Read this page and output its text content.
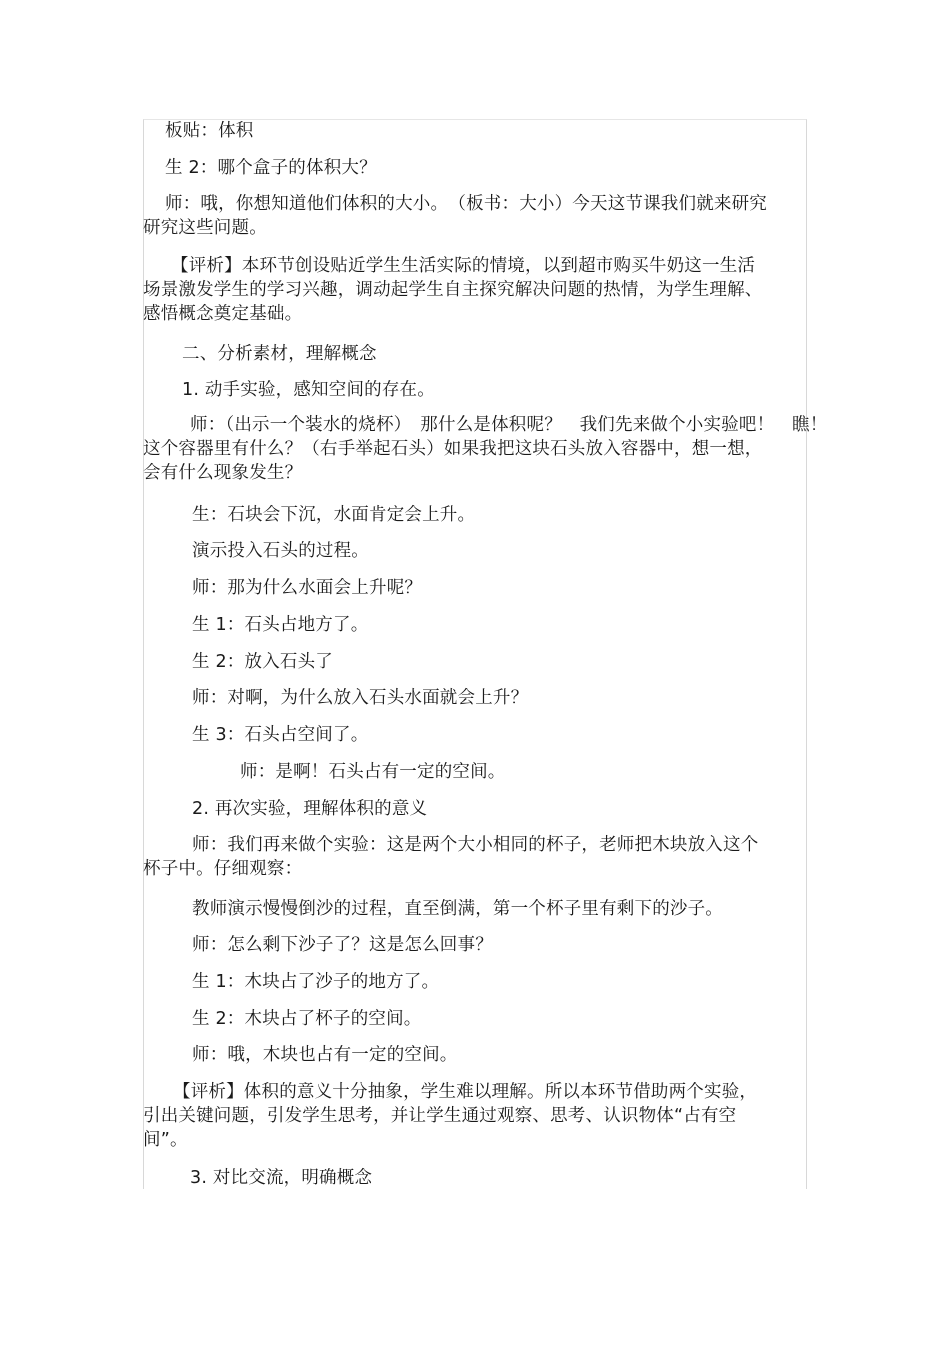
板贴：体积
生 2：哪个盒子的体积大？
师：哦，你想知道他们体积的大小。　（板书：大小）今天这节课我们就来研究
研究这些问题。
【评析】本环节创设贴近学生生活实际的情境，以到超市购买牛奶这一生活
场景激发学生的学习兴趣，调动起学生自主探究解决问题的热情，为学生理解、
感悟概念奠定基础。
二、分析素材，理解概念
1. 动手实验，感知空间的存在。
师：（出示一个装水的烧杯）　那什么是体积呢？　我们先来做个小实验吧！　瞧！
这个容器里有什么？（右手举起石头）如果我把这块石头放入容器中，想一想，
会有什么现象发生？
生：石块会下沉，水面肯定会上升。
演示投入石头的过程。
师：那为什么水面会上升呢？
生 1：石头占地方了。
生 2：放入石头了
师：对啊，为什么放入石头水面就会上升？
生 3：石头占空间了。
师：是啊！石头占有一定的空间。
2. 再次实验，理解体积的意义
师：我们再来做个实验：这是两个大小相同的杯子，老师把木块放入这个
杯子中。仔细观察：
教师演示慢慢倒沙的过程，直至倒满，第一个杯子里有剩下的沙子。
师：怎么剩下沙子了？这是怎么回事？
生 1：木块占了沙子的地方了。
生 2：木块占了杯子的空间。
师：哦，木块也占有一定的空间。
【评析】体积的意义十分抽象，学生难以理解。所以本环节借助两个实验，
引出关键问题，引发学生思考，并让学生通过观察、思考、认识物体“占有空
间”。
3. 对比交流，明确概念
